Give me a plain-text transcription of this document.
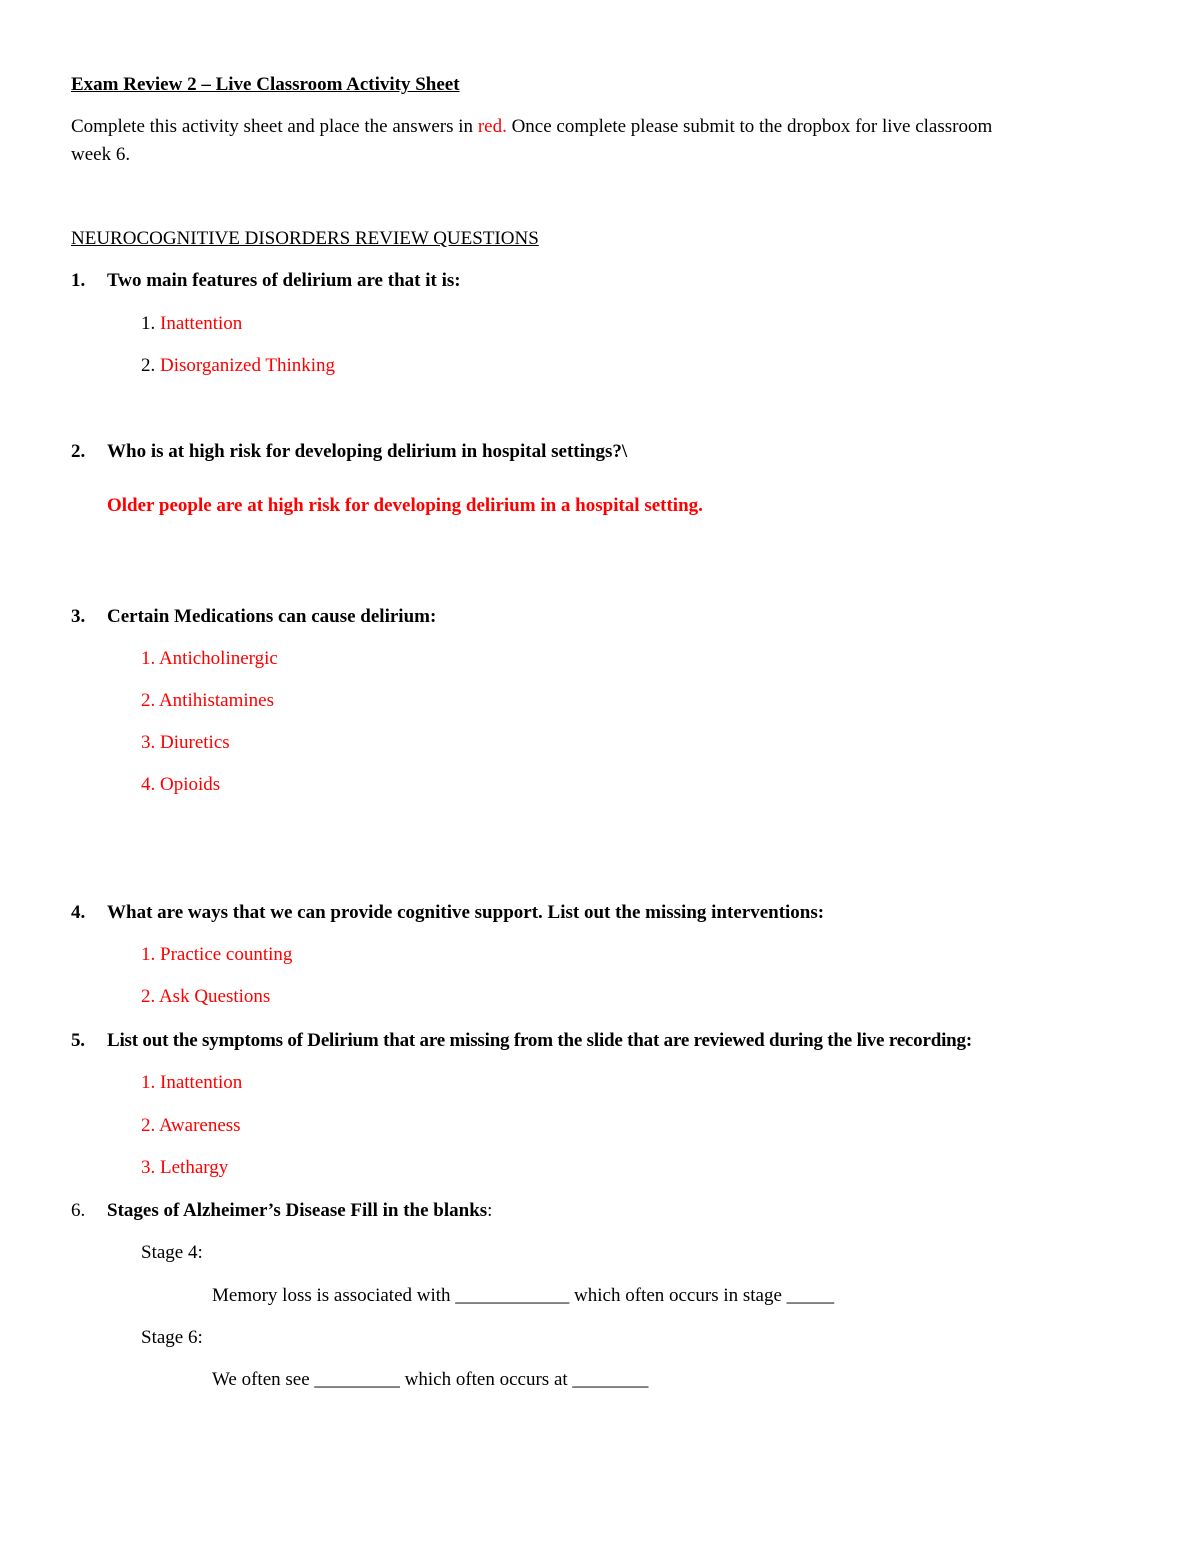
Exam Review 2 – Live Classroom Activity Sheet
Complete this activity sheet and place the answers in red. Once complete please submit to the dropbox for live classroom
week 6.
NEUROCOGNITIVE DISORDERS REVIEW QUESTIONS
1. Two main features of delirium are that it is:
1. Inattention
2. Disorganized Thinking
2. Who is at high risk for developing delirium in hospital settings?\
Older people are at high risk for developing delirium in a hospital setting.
3. Certain Medications can cause delirium:
1. Anticholinergic
2. Antihistamines
3. Diuretics
4. Opioids
4. What are ways that we can provide cognitive support. List out the missing interventions:
1. Practice counting
2. Ask Questions
5. List out the symptoms of Delirium that are missing from the slide that are reviewed during the live recording:
1. Inattention
2. Awareness
3. Lethargy
6. Stages of Alzheimer’s Disease Fill in the blanks:
Stage 4:
Memory loss is associated with ____________ which often occurs in stage _____
Stage 6:
We often see _________ which often occurs at ________
